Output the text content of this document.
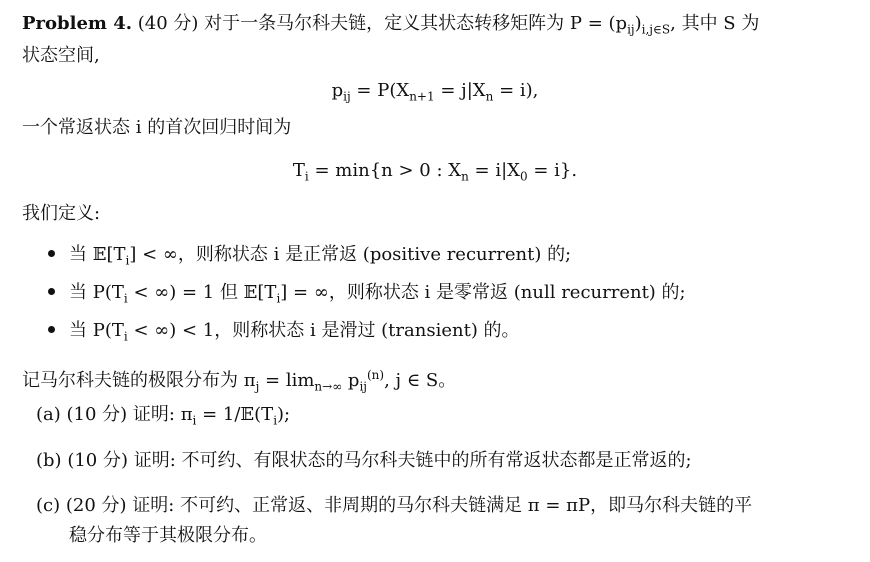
Problem 4. (40 分) 对于一条马尔科夫链，定义其状态转移矩阵为 $P = (p_{ij})_{i,j\in S}$, 其中 S 为
状态空间,
$p_{ij} = P(X_{n+1} = j|X_n = i)$,
一个常返状态 i 的首次回归时间为
$T_i = \min\{n > 0$ : $X_n = i|X_0 = i$}.
我们定义:
当 $𝔼[T_i]$ < ∞，则称状态 i 是正常返 (positive recurrent) 的;
当 $P(T_i$ < ∞) = 1 但 $𝔼[T_i]$ = ∞，则称状态 i 是零常返 (null recurrent) 的;
当 $P(T_i$ < ∞) < 1，则称状态 i 是滑过 (transient) 的。
记马尔科夫链的极限分布为 $\pi_j = \lim_{n\to\infty} p_{ij}^{(n)}$, j ∈ S。
(a) (10 分) 证明: $\pi_i$ = $1/𝔼(T_i)$;
(b) (10 分) 证明: 不可约、有限状态的马尔科夫链中的所有常返状态都是正常返的;
(c) (20 分) 证明: 不可约、正常返、非周期的马尔科夫链满足 π = πP，即马尔科夫链的平
稳分布等于其极限分布。
